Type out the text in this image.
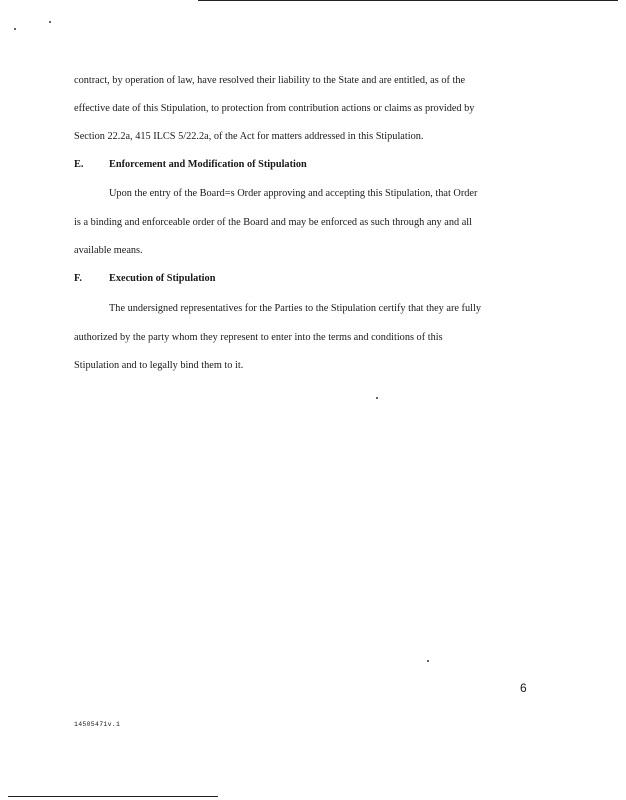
contract, by operation of law, have resolved their liability to the State and are entitled, as of the
effective date of this Stipulation, to protection from contribution actions or claims as provided by
Section 22.2a, 415 ILCS 5/22.2a, of the Act for matters addressed in this Stipulation.
E. Enforcement and Modification of Stipulation
Upon the entry of the Board=s Order approving and accepting this Stipulation, that Order
is a binding and enforceable order of the Board and may be enforced as such through any and all
available means.
F.	Execution of Stipulation
The undersigned representatives for the Parties to the Stipulation certify that they are fully
authorized by the party whom they represent to enter into the terms and conditions of this
Stipulation and to legally bind them to it.
6
14505471v.1
